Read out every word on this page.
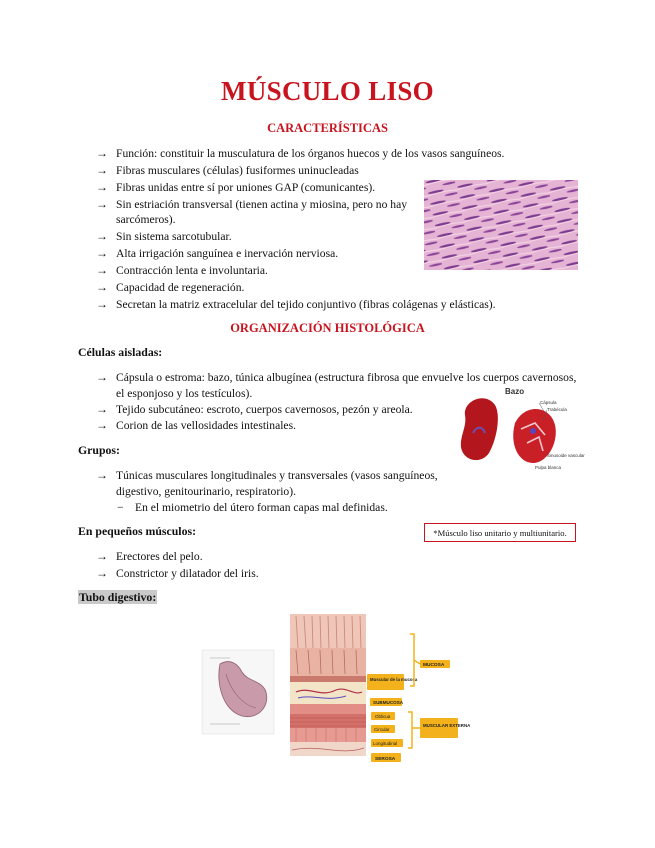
MÚSCULO LISO
CARACTERÍSTICAS
→ Función: constituir la musculatura de los órganos huecos y de los vasos sanguíneos.
→ Fibras musculares (células) fusiformes uninucleadas
→ Fibras unidas entre sí por uniones GAP (comunicantes).
→ Sin estriación transversal (tienen actina y miosina, pero no hay
sarcómeros).
→ Sin sistema sarcotubular.
→ Alta irrigación sanguínea e inervación nerviosa.
→ Contracción lenta e involuntaria.
→ Capacidad de regeneración.
→ Secretan la matriz extracelular del tejido conjuntivo (fibras colágenas y elásticas).
ORGANIZACIÓN HISTOLÓGICA
Células aisladas:
→ Cápsula o estroma: bazo, túnica albugínea (estructura fibrosa que envuelve los cuerpos cavernosos,
el esponjoso y los testículos).
→ Tejido subcutáneo: escroto, cuerpos cavernosos, pezón y areola.
→ Corion de las vellosidades intestinales.
Bazo
Cápsula
Trabécula
Sinusoide vascular
Pulpa blanca
Grupos:
→ Túnicas musculares longitudinales y transversales (vasos sanguíneos,
digestivo, genitourinario, respiratorio).
− En el miometrio del útero forman capas mal definidas.
*Músculo liso unitario y multiunitario.
En pequeños músculos:
→ Erectores del pelo.
→ Constrictor y dilatador del iris.
Tubo digestivo:
Muscular de la mucosa
SUBMUCOSA
Oblicua
Circular
Longitudinal
SEROSA
MUCOSA
MUSCULAR EXTERNA
